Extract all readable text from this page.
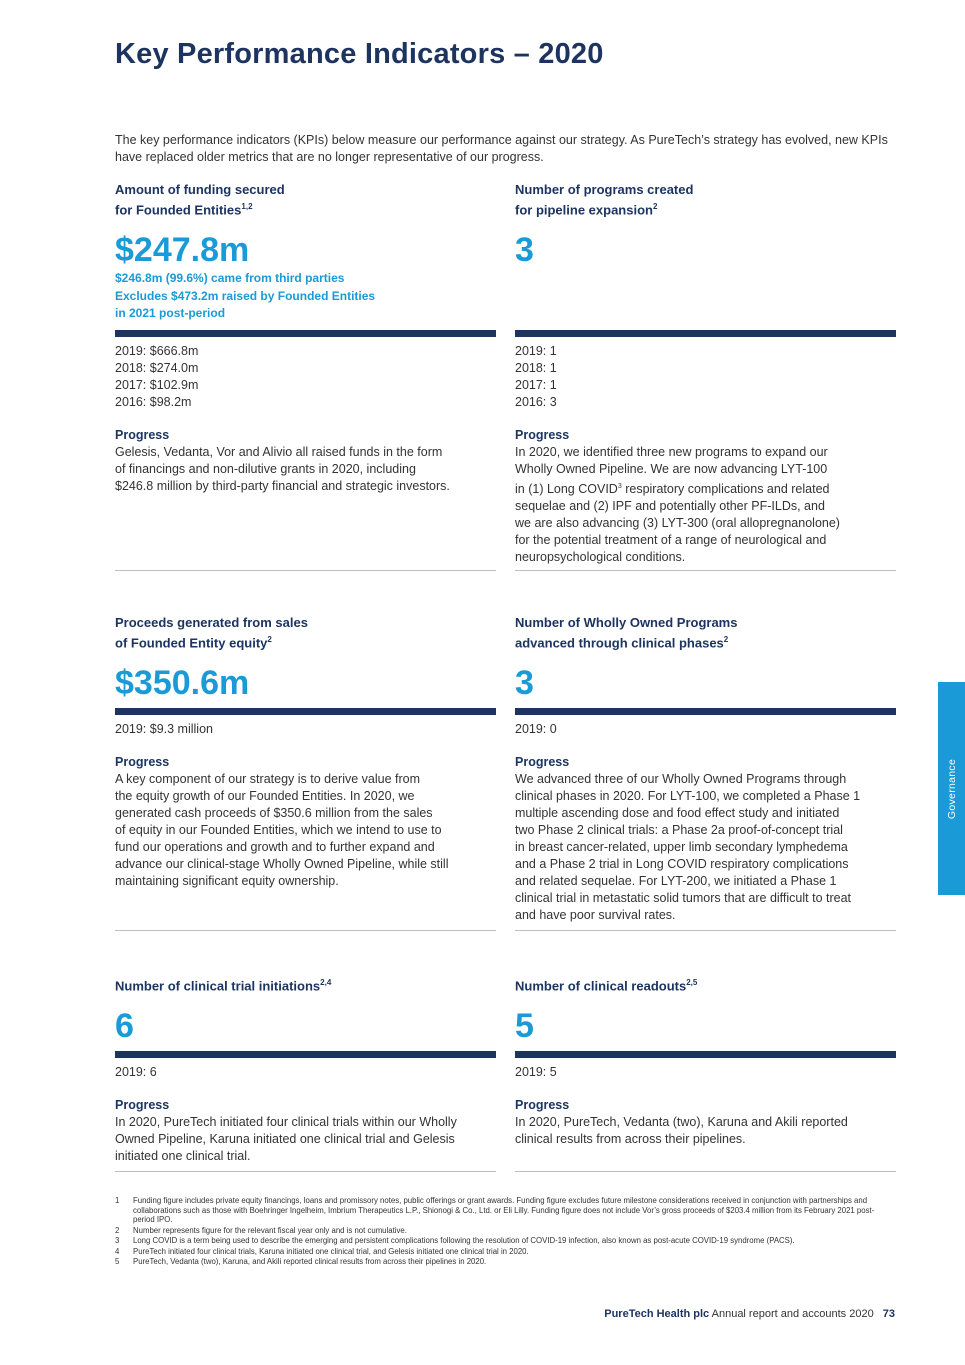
Key Performance Indicators – 2020
The key performance indicators (KPIs) below measure our performance against our strategy. As PureTech’s strategy has evolved, new KPIs have replaced older metrics that are no longer representative of our progress.
Amount of funding secured
for Founded Entities$^{1,2}$
$247.8m
$246.8m (99.6%) came from third parties
Excludes $473.2m raised by Founded Entities
in 2021 post-period
2019: $666.8m
2018: $274.0m
2017: $102.9m
2016: $98.2m
Progress
Gelesis, Vedanta, Vor and Alivio all raised funds in the form
of financings and non-dilutive grants in 2020, including
$246.8 million by third-party financial and strategic investors.
Number of programs created
for pipeline expansion$^2$
3
2019: 1
2018: 1
2017: 1
2016: 3
Progress
In 2020, we identified three new programs to expand our
Wholly Owned Pipeline. We are now advancing LYT-100
in (1) Long COVID$^3$ respiratory complications and related
sequelae and (2) IPF and potentially other PF-ILDs, and
we are also advancing (3) LYT-300 (oral allopregnanolone)
for the potential treatment of a range of neurological and
neuropsychological conditions.
Proceeds generated from sales
of Founded Entity equity$^2$
$350.6m
2019: $9.3 million
Progress
A key component of our strategy is to derive value from
the equity growth of our Founded Entities. In 2020, we
generated cash proceeds of $350.6 million from the sales
of equity in our Founded Entities, which we intend to use to
fund our operations and growth and to further expand and
advance our clinical-stage Wholly Owned Pipeline, while still
maintaining significant equity ownership.
Number of Wholly Owned Programs
advanced through clinical phases$^2$
3
2019: 0
Progress
We advanced three of our Wholly Owned Programs through
clinical phases in 2020. For LYT-100, we completed a Phase 1
multiple ascending dose and food effect study and initiated
two Phase 2 clinical trials: a Phase 2a proof-of-concept trial
in breast cancer-related, upper limb secondary lymphedema
and a Phase 2 trial in Long COVID respiratory complications
and related sequelae. For LYT-200, we initiated a Phase 1
clinical trial in metastatic solid tumors that are difficult to treat
and have poor survival rates.
Number of clinical trial initiations$^{2,4}$
6
2019: 6
Progress
In 2020, PureTech initiated four clinical trials within our Wholly
Owned Pipeline, Karuna initiated one clinical trial and Gelesis
initiated one clinical trial.
Number of clinical readouts$^{2,5}$
5
2019: 5
Progress
In 2020, PureTech, Vedanta (two), Karuna and Akili reported
clinical results from across their pipelines.
Governance
1	Funding figure includes private equity financings, loans and promissory notes, public offerings or grant awards. Funding figure excludes future milestone considerations received in conjunction with partnerships and collaborations such as those with Boehringer Ingelheim, Imbrium Therapeutics L.P., Shionogi & Co., Ltd. or Eli Lilly. Funding figure does not include Vor’s gross proceeds of $203.4 million from its February 2021 post-period IPO.
2	Number represents figure for the relevant fiscal year only and is not cumulative.
3	Long COVID is a term being used to describe the emerging and persistent complications following the resolution of COVID-19 infection, also known as post-acute COVID-19 syndrome (PACS).
4	PureTech initiated four clinical trials, Karuna initiated one clinical trial, and Gelesis initiated one clinical trial in 2020.
5	PureTech, Vedanta (two), Karuna, and Akili reported clinical results from across their pipelines in 2020.
PureTech Health plc Annual report and accounts 2020 73
